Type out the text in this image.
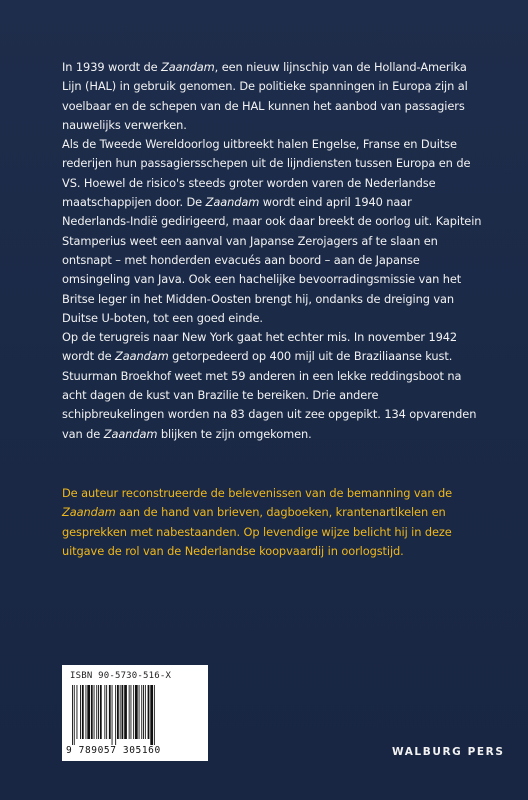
In 1939 wordt de Zaandam, een nieuw lijnschip van de Holland-Amerika Lijn (HAL) in gebruik genomen. De politieke spanningen in Europa zijn al voelbaar en de schepen van de HAL kunnen het aanbod van passagiers nauwelijks verwerken.

Als de Tweede Wereldoorlog uitbreekt halen Engelse, Franse en Duitse rederijen hun passagiersschepen uit de lijndiensten tussen Europa en de VS. Hoewel de risico's steeds groter worden varen de Nederlandse maatschappijen door. De Zaandam wordt eind april 1940 naar Nederlands-Indië gedirigeerd, maar ook daar breekt de oorlog uit. Kapitein Stamperius weet een aanval van Japanse Zerojagers af te slaan en ontsnapt – met honderden evacués aan boord – aan de Japanse omsingeling van Java. Ook een hachelijke bevoorradingsmissie van het Britse leger in het Midden-Oosten brengt hij, ondanks de dreiging van Duitse U-boten, tot een goed einde.

Op de terugreis naar New York gaat het echter mis. In november 1942 wordt de Zaandam getorpedeerd op 400 mijl uit de Braziliaanse kust. Stuurman Broekhof weet met 59 anderen in een lekke reddingsboot na acht dagen de kust van Brazilie te bereiken. Drie andere schipbreukelingen worden na 83 dagen uit zee opgepikt. 134 opvarenden van de Zaandam blijken te zijn omgekomen.

De auteur reconstrueerde de belevenissen van de bemanning van de Zaandam aan de hand van brieven, dagboeken, krantenartikelen en gesprekken met nabestaanden. Op levendige wijze belicht hij in deze uitgave de rol van de Nederlandse koopvaardij in oorlogstijd.

ISBN 90-5730-516-X
9 789057 305160	WALBURG PERS
